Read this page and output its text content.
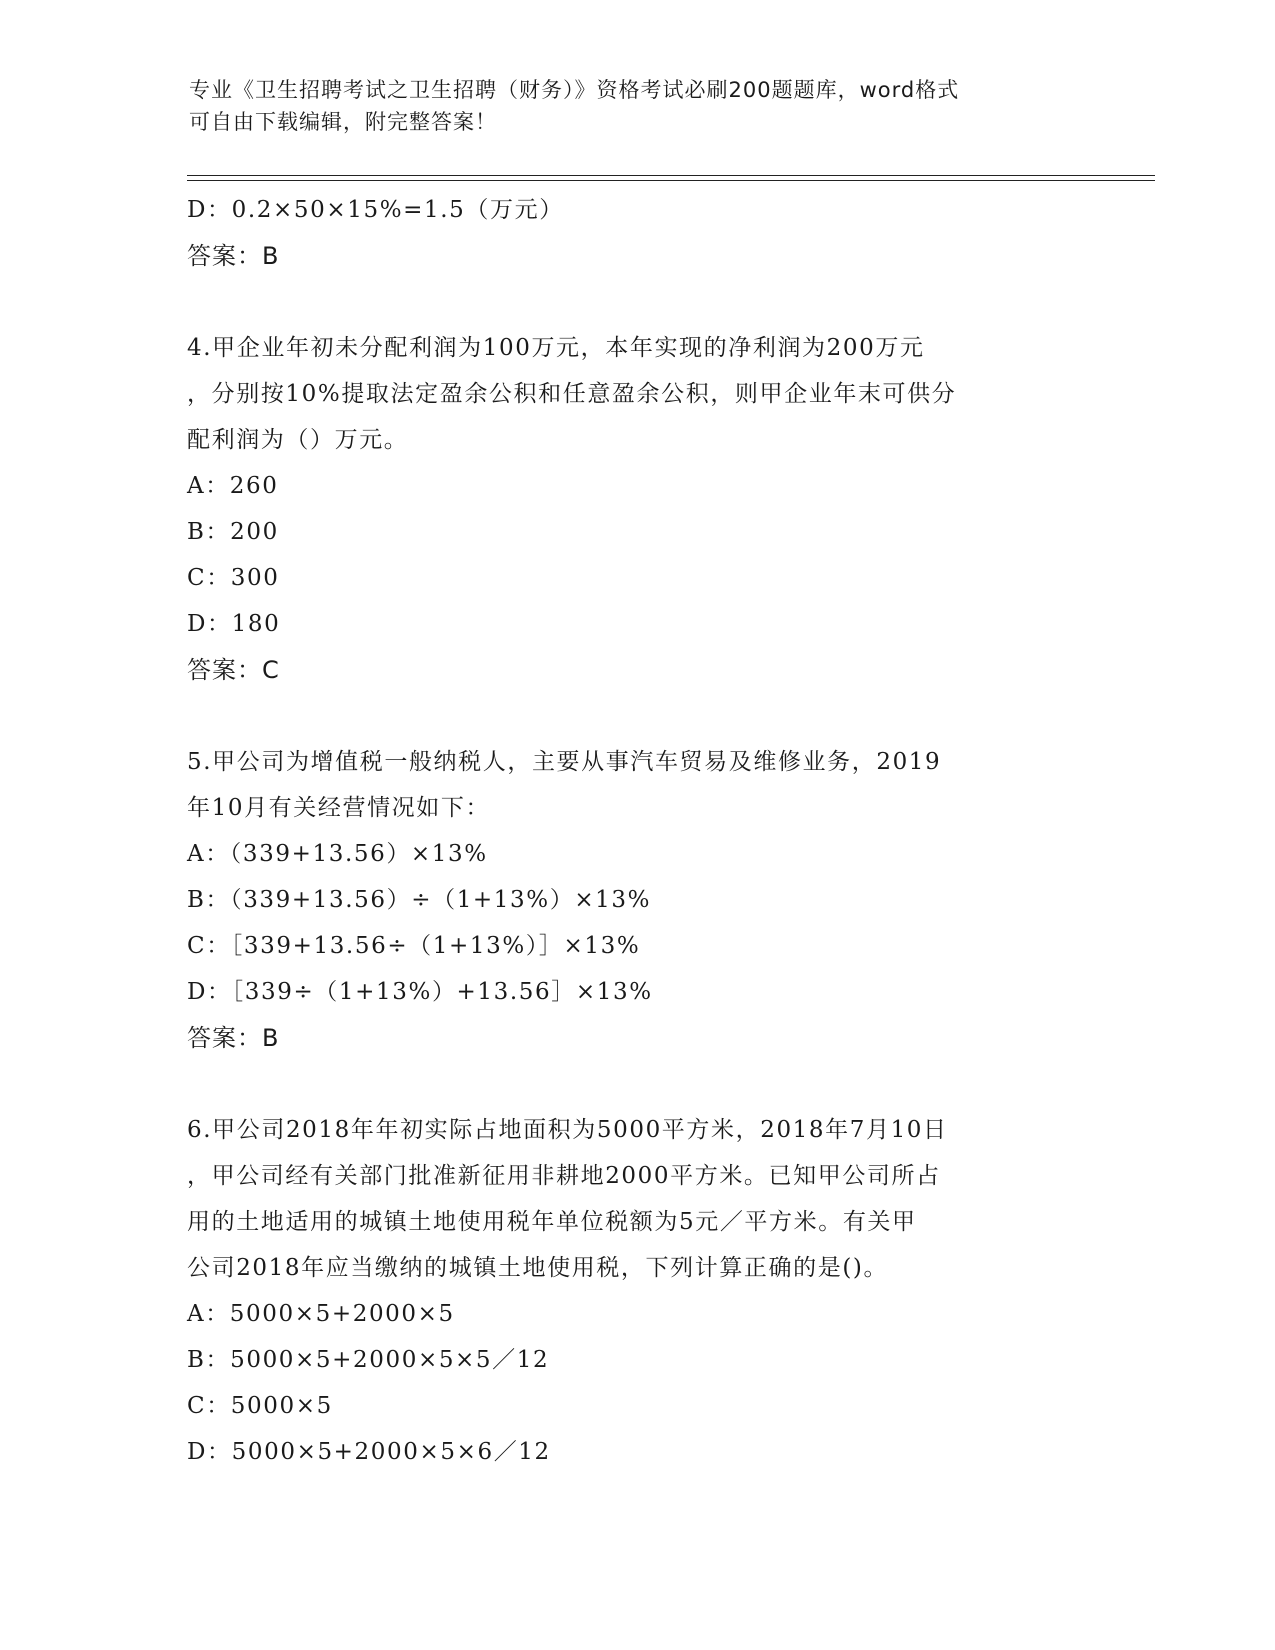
专业《卫生招聘考试之卫生招聘（财务）》资格考试必刷200题题库，word格式
可自由下载编辑，附完整答案！
D：0.2×50×15%=1.5（万元）
答案：B
4.甲企业年初未分配利润为100万元，本年实现的净利润为200万元
，分别按10%提取法定盈余公积和任意盈余公积，则甲企业年末可供分
配利润为（）万元。
A：260
B：200
C：300
D：180
答案：C
5.甲公司为增值税一般纳税人，主要从事汽车贸易及维修业务，2019
年10月有关经营情况如下：
A：（339+13.56）×13%
B：（339+13.56）÷（1+13%）×13%
C：［339+13.56÷（1+13%）］×13%
D：［339÷（1+13%）+13.56］×13%
答案：B
6.甲公司2018年年初实际占地面积为5000平方米，2018年7月10日
，甲公司经有关部门批准新征用非耕地2000平方米。已知甲公司所占
用的土地适用的城镇土地使用税年单位税额为5元／平方米。有关甲
公司2018年应当缴纳的城镇土地使用税，下列计算正确的是()。
A：5000×5+2000×5
B：5000×5+2000×5×5／12
C：5000×5
D：5000×5+2000×5×6／12
